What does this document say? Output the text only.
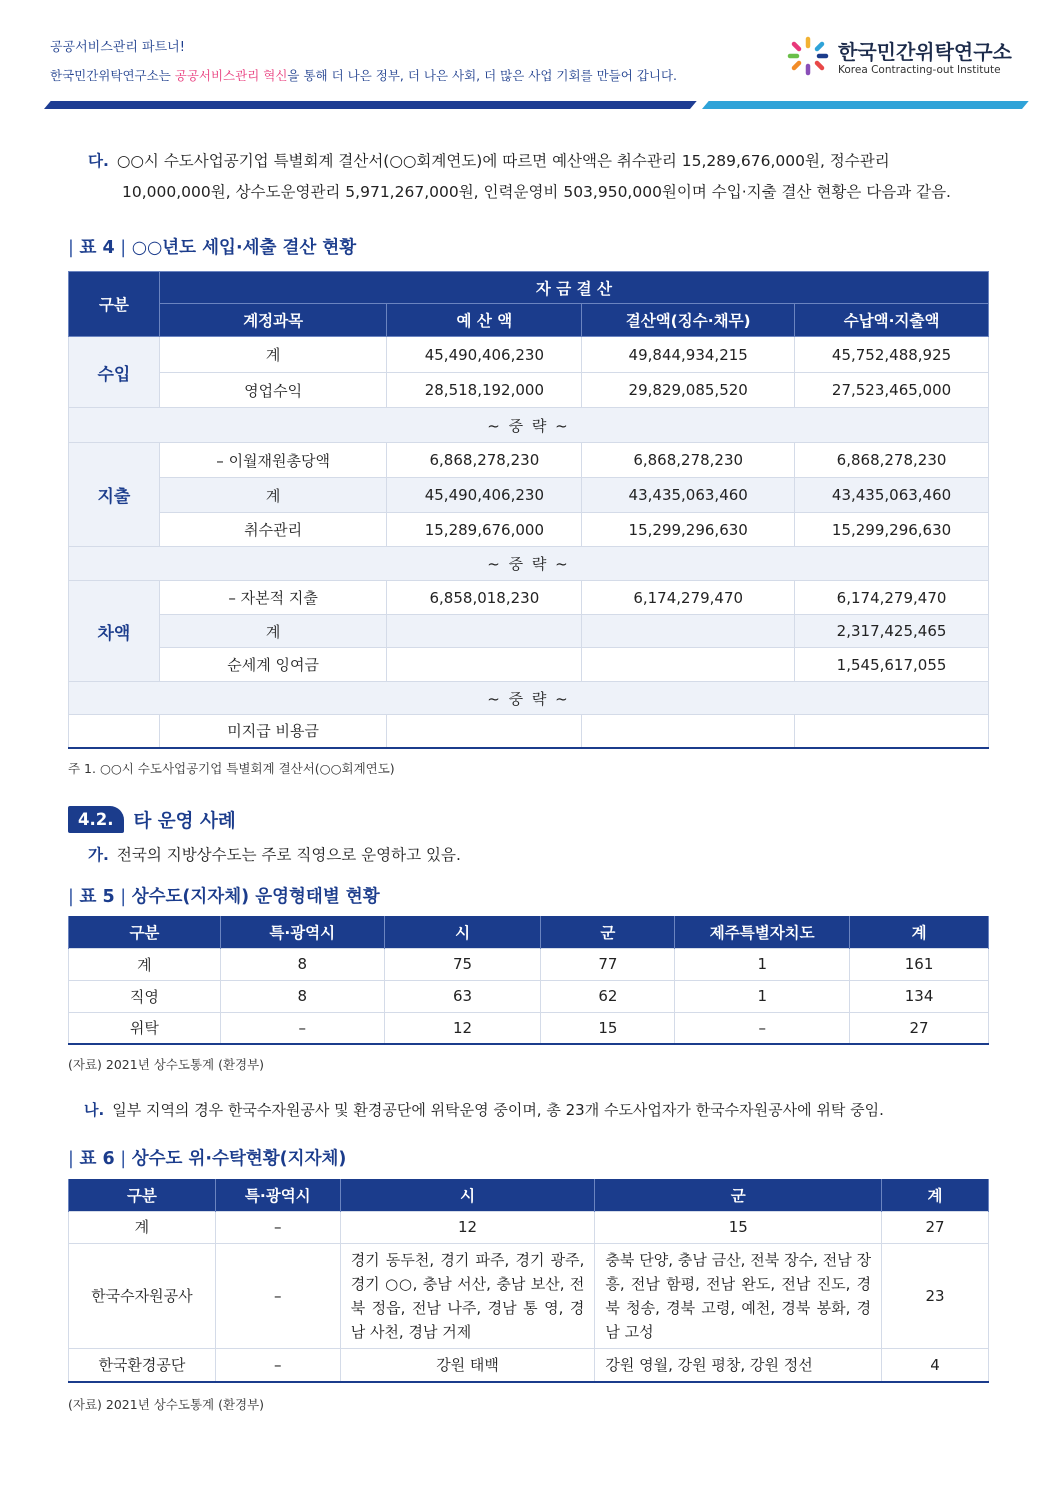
공공서비스관리 파트너!
한국민간위탁연구소는 공공서비스관리 혁신을 통해 더 나은 정부, 더 나은 사회, 더 많은 사업 기회를 만들어 갑니다.
한국민간위탁연구소
Korea Contracting-out Institute
다. ○○시 수도사업공기업 특별회계 결산서(○○회계연도)에 따르면 예산액은 취수관리 15,289,676,000원, 정수관리
10,000,000원, 상수도운영관리 5,971,267,000원, 인력운영비 503,950,000원이며 수입·지출 결산 현황은 다음과 같음.
| 표 4 | ○○년도 세입·세출 결산 현황
구분	자 금 결 산			
	계정과목	예 산 액	결산액(징수·채무)	수납액·지출액
수입	계	45,490,406,230	49,844,934,215	45,752,488,925
	영업수익	28,518,192,000	29,829,085,520	27,523,465,000
~ 중 략 ~				
지출	– 이월재원총당액	6,868,278,230	6,868,278,230	6,868,278,230
	계	45,490,406,230	43,435,063,460	43,435,063,460
	취수관리	15,289,676,000	15,299,296,630	15,299,296,630
~ 중 략 ~				
차액	– 자본적 지출	6,858,018,230	6,174,279,470	6,174,279,470
	계			2,317,425,465
	순세계 잉여금			1,545,617,055
~ 중 략 ~				
	미지급 비용금			
주 1. ○○시 수도사업공기업 특별회계 결산서(○○회계연도)
4.2. 타 운영 사례
가. 전국의 지방상수도는 주로 직영으로 운영하고 있음.
| 표 5 | 상수도(지자체) 운영형태별 현황
구분	특·광역시	시	군	제주특별자치도	계
계	8	75	77	1	161
직영	8	63	62	1	134
위탁	–	12	15	–	27
(자료) 2021년 상수도통계 (환경부)
나. 일부 지역의 경우 한국수자원공사 및 환경공단에 위탁운영 중이며, 총 23개 수도사업자가 한국수자원공사에 위탁 중임.
| 표 6 | 상수도 위·수탁현황(지자체)
구분	특·광역시	시	군	계
계	–	12	15	27
한국수자원공사	–	경기 동두천, 경기 파주, 경기 광주, 경기 ○○, 충남 서산, 충남 보산, 전북 정읍, 전남 나주, 경남 통 영, 경남 사천, 경남 거제	충북 단양, 충남 금산, 전북 장수, 전남 장흥, 전남 함평, 전남 완도, 전남 진도, 경북 청송, 경북 고령, 예천, 경북 봉화, 경남 고성	23
한국환경공단	–	강원 태백	강원 영월, 강원 평창, 강원 정선	4
(자료) 2021년 상수도통계 (환경부)
